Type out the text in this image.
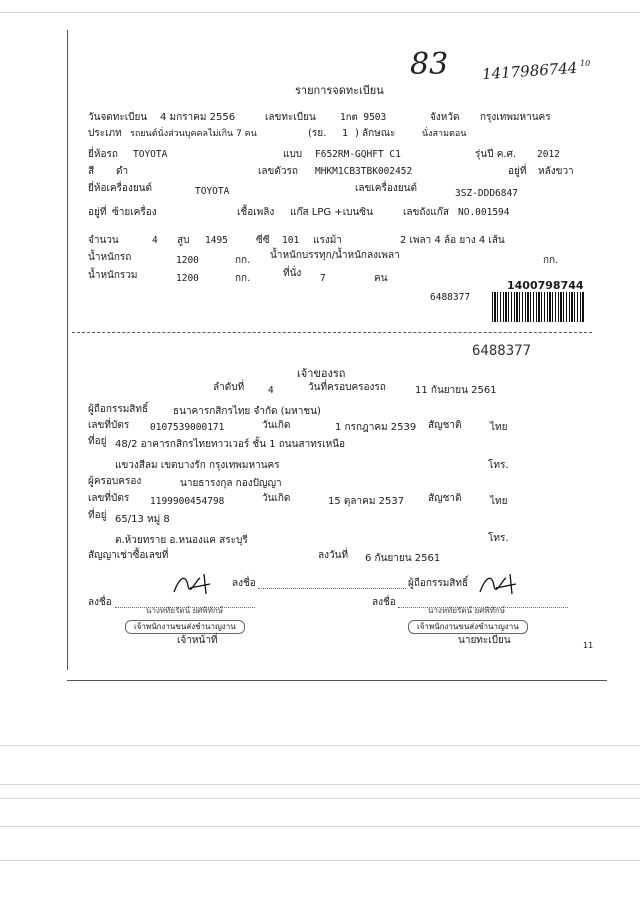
83 1417986744 10
รายการจดทะเบียน
วันจดทะเบียน 4 มกราคม 2556	เลขทะเบียน	1กต 9503	จังหวัด กรุงเทพมหานคร
ประเภท รถยนต์นั่งส่วนบุคคลไม่เกิน 7 คน	(รย. 1 ) ลักษณะ	นั่งสามตอน
ยี่ห้อรถ TOYOTA	แบบ F652RM-GQHFT C1	รุ่นปี ค.ศ. 2012
สี ดำ	เลขตัวรถ MHKM1CB3TBK002452	อยู่ที่ หลังขวา
ยี่ห้อเครื่องยนต์	TOYOTA	เลขเครื่องยนต์	3SZ-DDD6847
อยู่ที่ ซ้ายเครื่อง	เชื้อเพลิง แก๊ส LPG +เบนซิน	เลขถังแก๊ส NO.001594
จำนวน	4 สูบ 1495	ซีซี 101 แรงม้า	2 เพลา 4 ล้อ ยาง 4 เส้น
น้ำหนักรถ	1200	กก. น้ำหนักบรรทุก/น้ำหนักลงเพลา	กก.
น้ำหนักรวม	1200	กก.	ที่นั่ง 7	คน
1400798744
6488377
6488377
เจ้าของรถ
ลำดับที่	4	วันที่ครอบครองรถ	11 กันยายน 2561
ผู้ถือกรรมสิทธิ์ ธนาคารกสิกรไทย จำกัด (มหาชน)
เลขที่บัตร 0107539000171	วันเกิด	1 กรกฎาคม 2539 สัญชาติ	ไทย
ที่อยู่ 48/2 อาคารกสิกรไทยทาวเวอร์ ชั้น 1 ถนนสาทรเหนือ
แขวงสีลม เขตบางรัก กรุงเทพมหานคร	โทร.
ผู้ครอบครอง	นายธารงกุล กองปัญญา
เลขที่บัตร 1199900454798	วันเกิด	15 ตุลาคม 2537 สัญชาติ	ไทย
ที่อยู่ 65/13 หมู่ 8
ต.ห้วยทราย อ.หนองแค สระบุรี	โทร.
สัญญาเช่าซื้อเลขที่	ลงวันที่ 6 กันยายน 2561
ลงชื่อ	ผู้ถือกรรมสิทธิ์
ลงชื่อ	ลงชื่อ
นางหทัยรัตน์ ยศพิทักษ์	นางหทัยรัตน์ ยศพิทักษ์
เจ้าพนักงานขนส่งชำนาญงาน	เจ้าพนักงานขนส่งชำนาญงาน
เจ้าหน้าที่	นายทะเบียน	11
